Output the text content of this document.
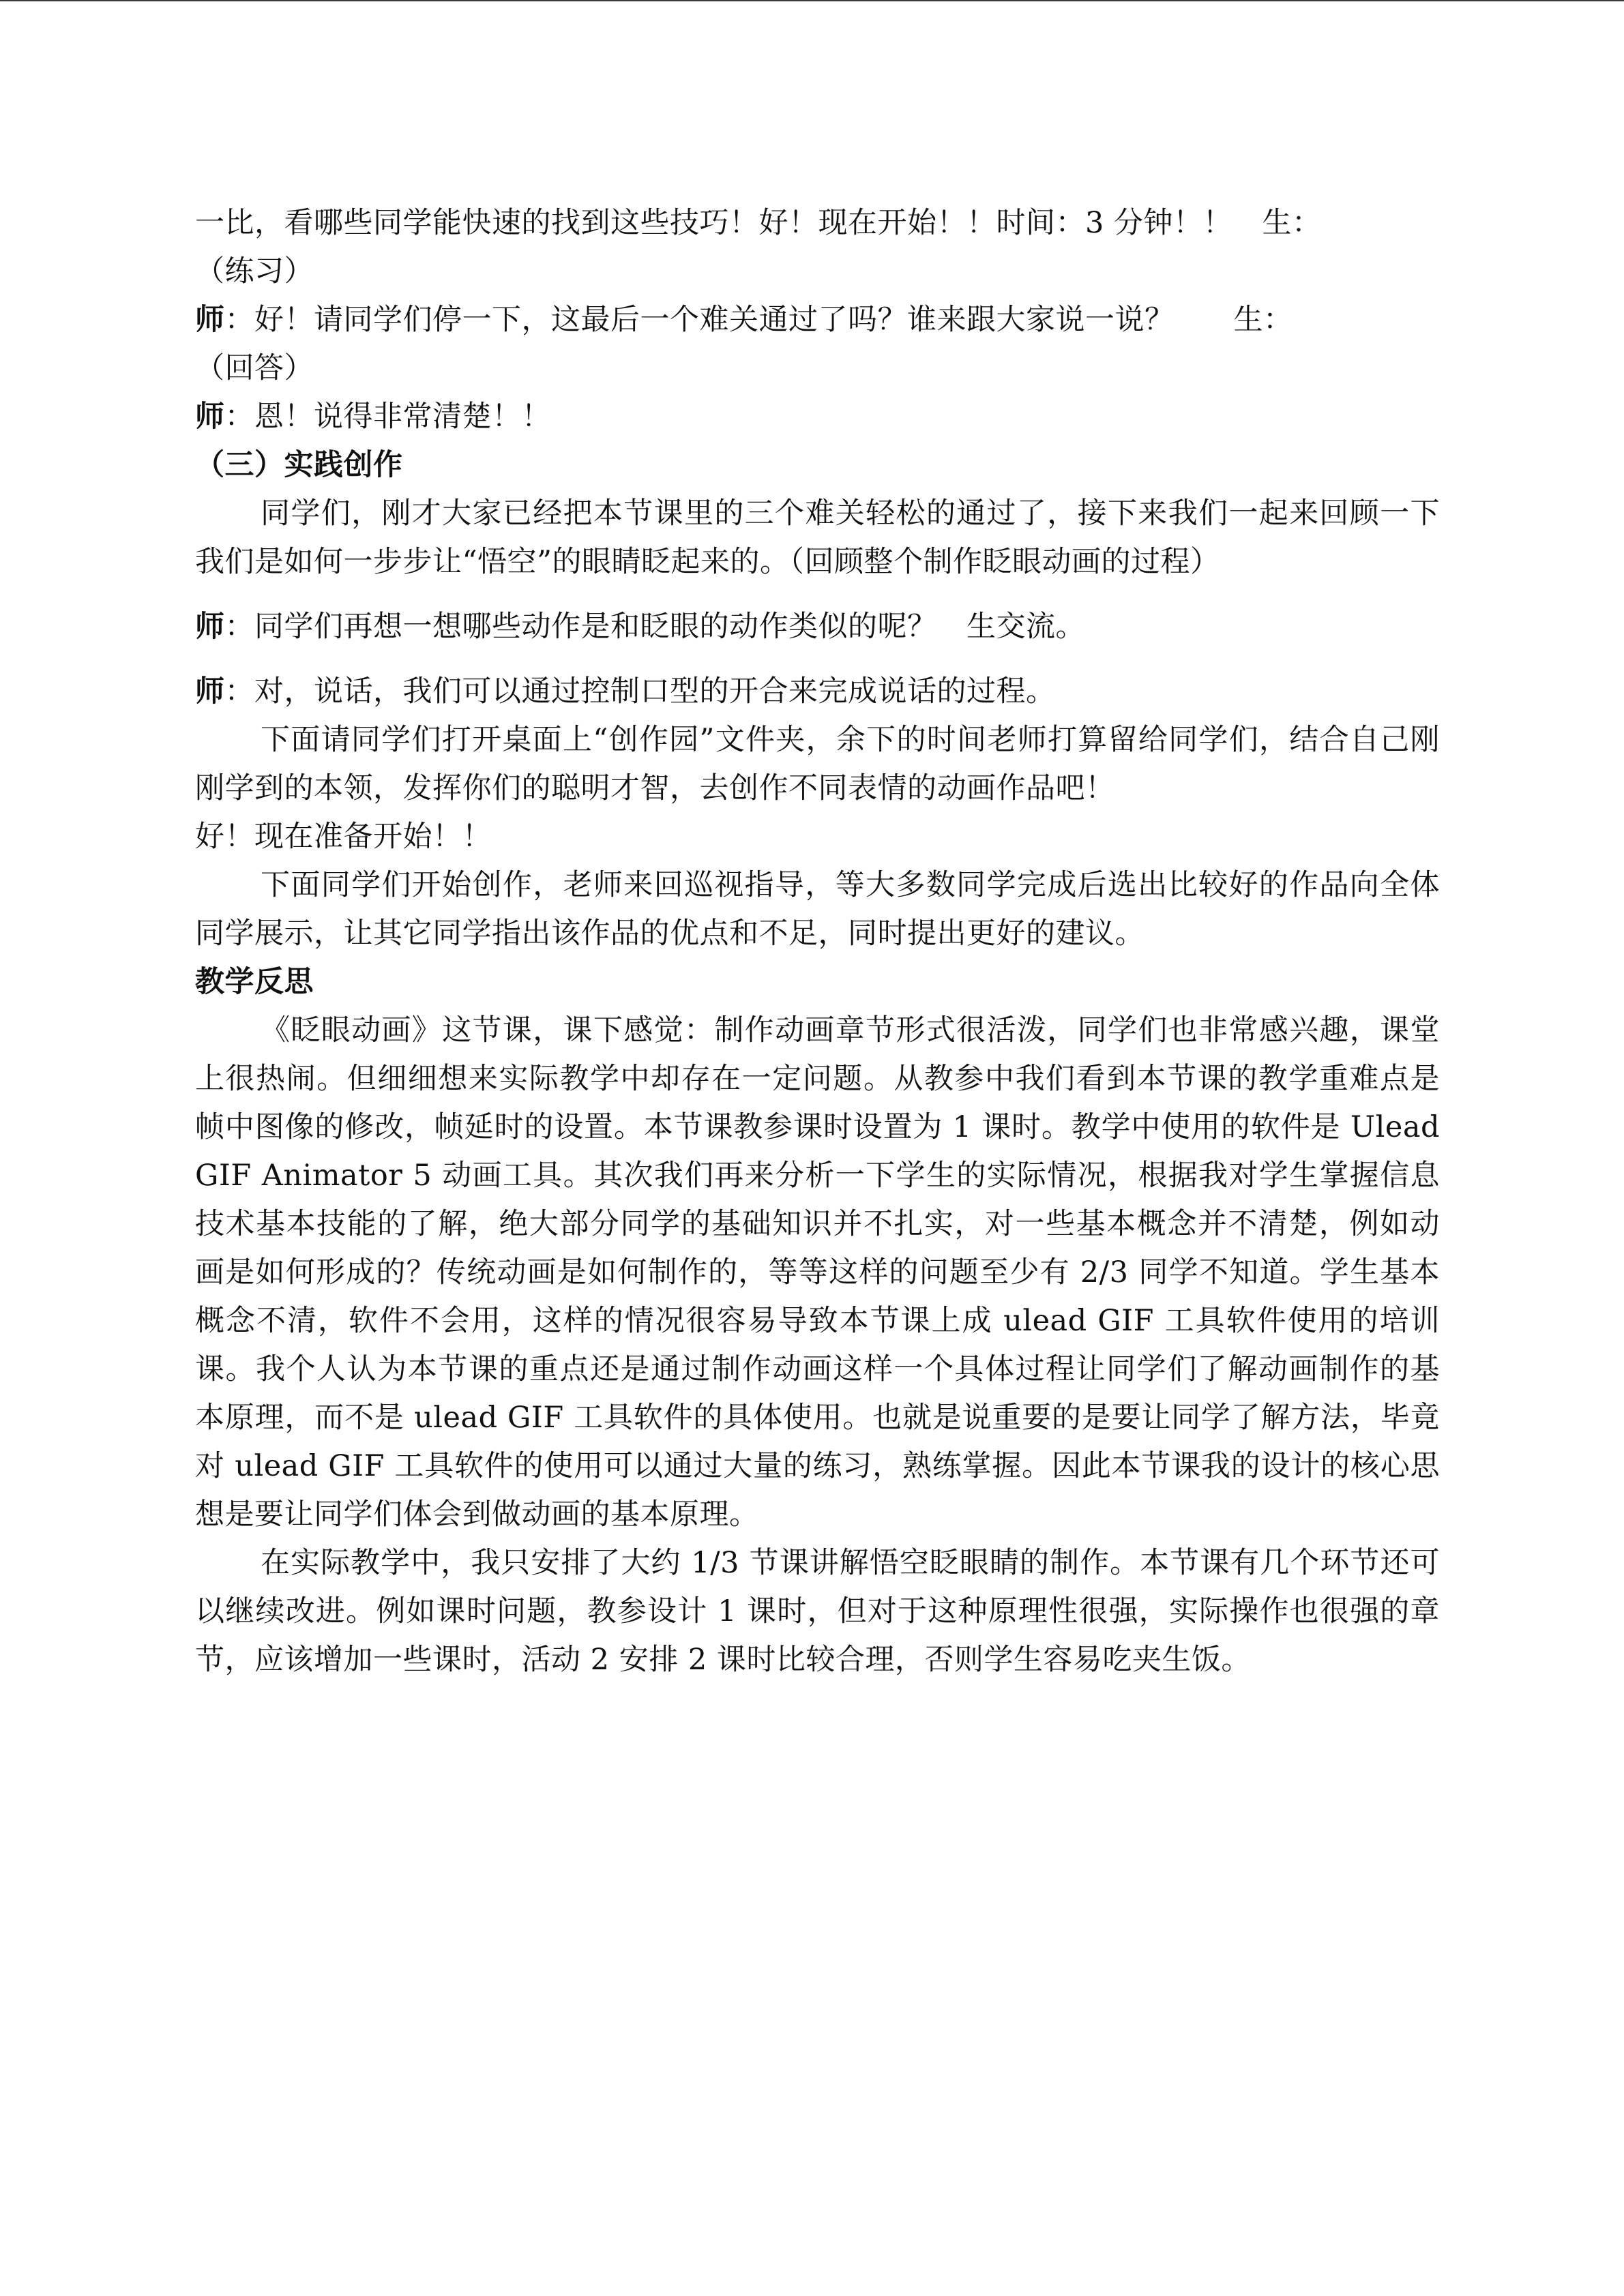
一比，看哪些同学能快速的找到这些技巧！好！现在开始！！时间：3 分钟！！　生：
（练习）

师：好！请同学们停一下，这最后一个难关通过了吗？谁来跟大家说一说？　　生：
（回答）

师：恩！说得非常清楚！！

（三）实践创作

同学们，刚才大家已经把本节课里的三个难关轻松的通过了，接下来我们一起来回顾一下我们是如何一步步让“悟空”的眼睛眨起来的。（回顾整个制作眨眼动画的过程）

师：同学们再想一想哪些动作是和眨眼的动作类似的呢？　生交流。

师：对，说话，我们可以通过控制口型的开合来完成说话的过程。

下面请同学们打开桌面上“创作园”文件夹，余下的时间老师打算留给同学们，结合自己刚刚学到的本领，发挥你们的聪明才智，去创作不同表情的动画作品吧！

好！现在准备开始！！

下面同学们开始创作，老师来回巡视指导，等大多数同学完成后选出比较好的作品向全体同学展示，让其它同学指出该作品的优点和不足，同时提出更好的建议。

教学反思

《眨眼动画》这节课，课下感觉：制作动画章节形式很活泼，同学们也非常感兴趣，课堂上很热闹。但细细想来实际教学中却存在一定问题。从教参中我们看到本节课的教学重难点是帧中图像的修改，帧延时的设置。本节课教参课时设置为 1 课时。教学中使用的软件是 Ulead GIF Animator 5 动画工具。其次我们再来分析一下学生的实际情况，根据我对学生掌握信息技术基本技能的了解，绝大部分同学的基础知识并不扎实，对一些基本概念并不清楚，例如动画是如何形成的？传统动画是如何制作的，等等这样的问题至少有 2/3 同学不知道。学生基本概念不清，软件不会用，这样的情况很容易导致本节课上成 ulead GIF 工具软件使用的培训课。我个人认为本节课的重点还是通过制作动画这样一个具体过程让同学们了解动画制作的基本原理，而不是 ulead GIF 工具软件的具体使用。也就是说重要的是要让同学了解方法，毕竟对 ulead GIF 工具软件的使用可以通过大量的练习，熟练掌握。因此本节课我的设计的核心思想是要让同学们体会到做动画的基本原理。

在实际教学中，我只安排了大约 1/3 节课讲解悟空眨眼睛的制作。本节课有几个环节还可以继续改进。例如课时问题，教参设计 1 课时，但对于这种原理性很强，实际操作也很强的章节，应该增加一些课时，活动 2 安排 2 课时比较合理，否则学生容易吃夹生饭。
